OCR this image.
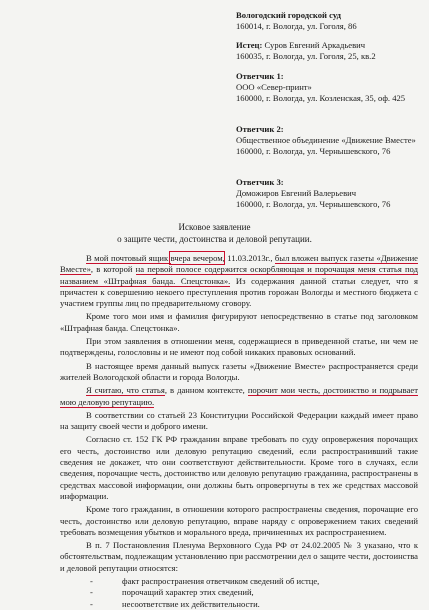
Вологодский городской суд
160014, г. Вологда, ул. Гоголя, 86
Истец: Суров Евгений Аркадьевич
160035, г. Вологда, ул. Гоголя, 25, кв.2
Ответчик 1:
ООО «Север-принт»
160000, г. Вологда, ул. Козленская, 35, оф. 425
Ответчик 2:
Общественное объединение «Движение Вместе»
160000, г. Вологда, ул. Чернышевского, 76
Ответчик 3:
Доможиров Евгений Валерьевич
160000, г. Вологда, ул. Чернышевского, 76
Исковое заявление
о защите чести, достоинства и деловой репутации.

В мой почтовый ящик вчера вечером, 11.03.2013г., был вложен выпуск газеты «Движение Вместе», в которой на первой полосе содержится оскорбляющая и порочащая меня статья под названием «Штрафная банда. Спецстонка». Из содержания данной статьи следует, что я причастен к совершению некоего преступления против горожан Вологды и местного бюджета с участием группы лиц по предварительному сговору.

Кроме того мои имя и фамилия фигурируют непосредственно в статье под заголовком «Штрафная банда. Спецстонка».

При этом заявления в отношении меня, содержащиеся в приведенной статье, ни чем не подтверждены, голословны и не имеют под собой никаких правовых оснований.

В настоящее время данный выпуск газеты «Движение Вместе» распространяется среди жителей Вологодской области и города Вологды.

Я считаю, что статья, в данном контексте, порочит мои честь, достоинство и подрывает мою деловую репутацию.

В соответствии со статьей 23 Конституции Российской Федерации каждый имеет право на защиту своей чести и доброго имени.

Согласно ст. 152 ГК РФ гражданин вправе требовать по суду опровержения порочащих его честь, достоинство или деловую репутацию сведений, если распространивший такие сведения не докажет, что они соответствуют действительности. Кроме того в случаях, если сведения, порочащие честь, достоинство или деловую репутацию гражданина, распространены в средствах массовой информации, они должны быть опровергнуты в тех же средствах массовой информации.

Кроме того гражданин, в отношении которого распространены сведения, порочащие его честь, достоинство или деловую репутацию, вправе наряду с опровержением таких сведений требовать возмещения убытков и морального вреда, причиненных их распространением.

В п. 7 Постановления Пленума Верховного Суда РФ от 24.02.2005 № 3 указано, что к обстоятельствам, подлежащим установлению при рассмотрении дел о защите чести, достоинства и деловой репутации относятся:

- факт распространения ответчиком сведений об истце,
- порочащий характер этих сведений,
- несоответствие их действительности.
